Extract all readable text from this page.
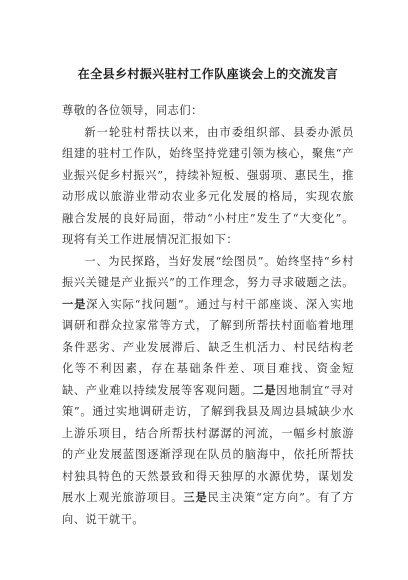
在全县乡村振兴驻村工作队座谈会上的交流发言

尊敬的各位领导，同志们：

新一轮驻村帮扶以来，由市委组织部、县委办派员组建的驻村工作队，始终坚持党建引领为核心，聚焦“产业振兴促乡村振兴”，持续补短板、强弱项、惠民生，推动形成以旅游业带动农业多元化发展的格局，实现农旅融合发展的良好局面，带动“小村庄”发生了“大变化”。现将有关工作进展情况汇报如下：

一、为民探路，当好发展“绘图员”。始终坚持“乡村振兴关键是产业振兴”的工作理念，努力寻求破题之法。一是深入实际“找问题”。通过与村干部座谈、深入实地调研和群众拉家常等方式，了解到所帮扶村面临着地理条件恶劣、产业发展滞后、缺乏生机活力、村民结构老化等不利因素，存在基础条件差、项目难找、资金短缺、产业难以持续发展等客观问题。二是因地制宜“寻对策”。通过实地调研走访，了解到我县及周边县城缺少水上游乐项目，结合所帮扶村潺潺的河流，一幅乡村旅游的产业发展蓝图逐渐浮现在队员的脑海中，依托所帮扶村独具特色的天然景致和得天独厚的水源优势，谋划发展水上观光旅游项目。三是民主决策“定方向”。有了方向、说干就干。
